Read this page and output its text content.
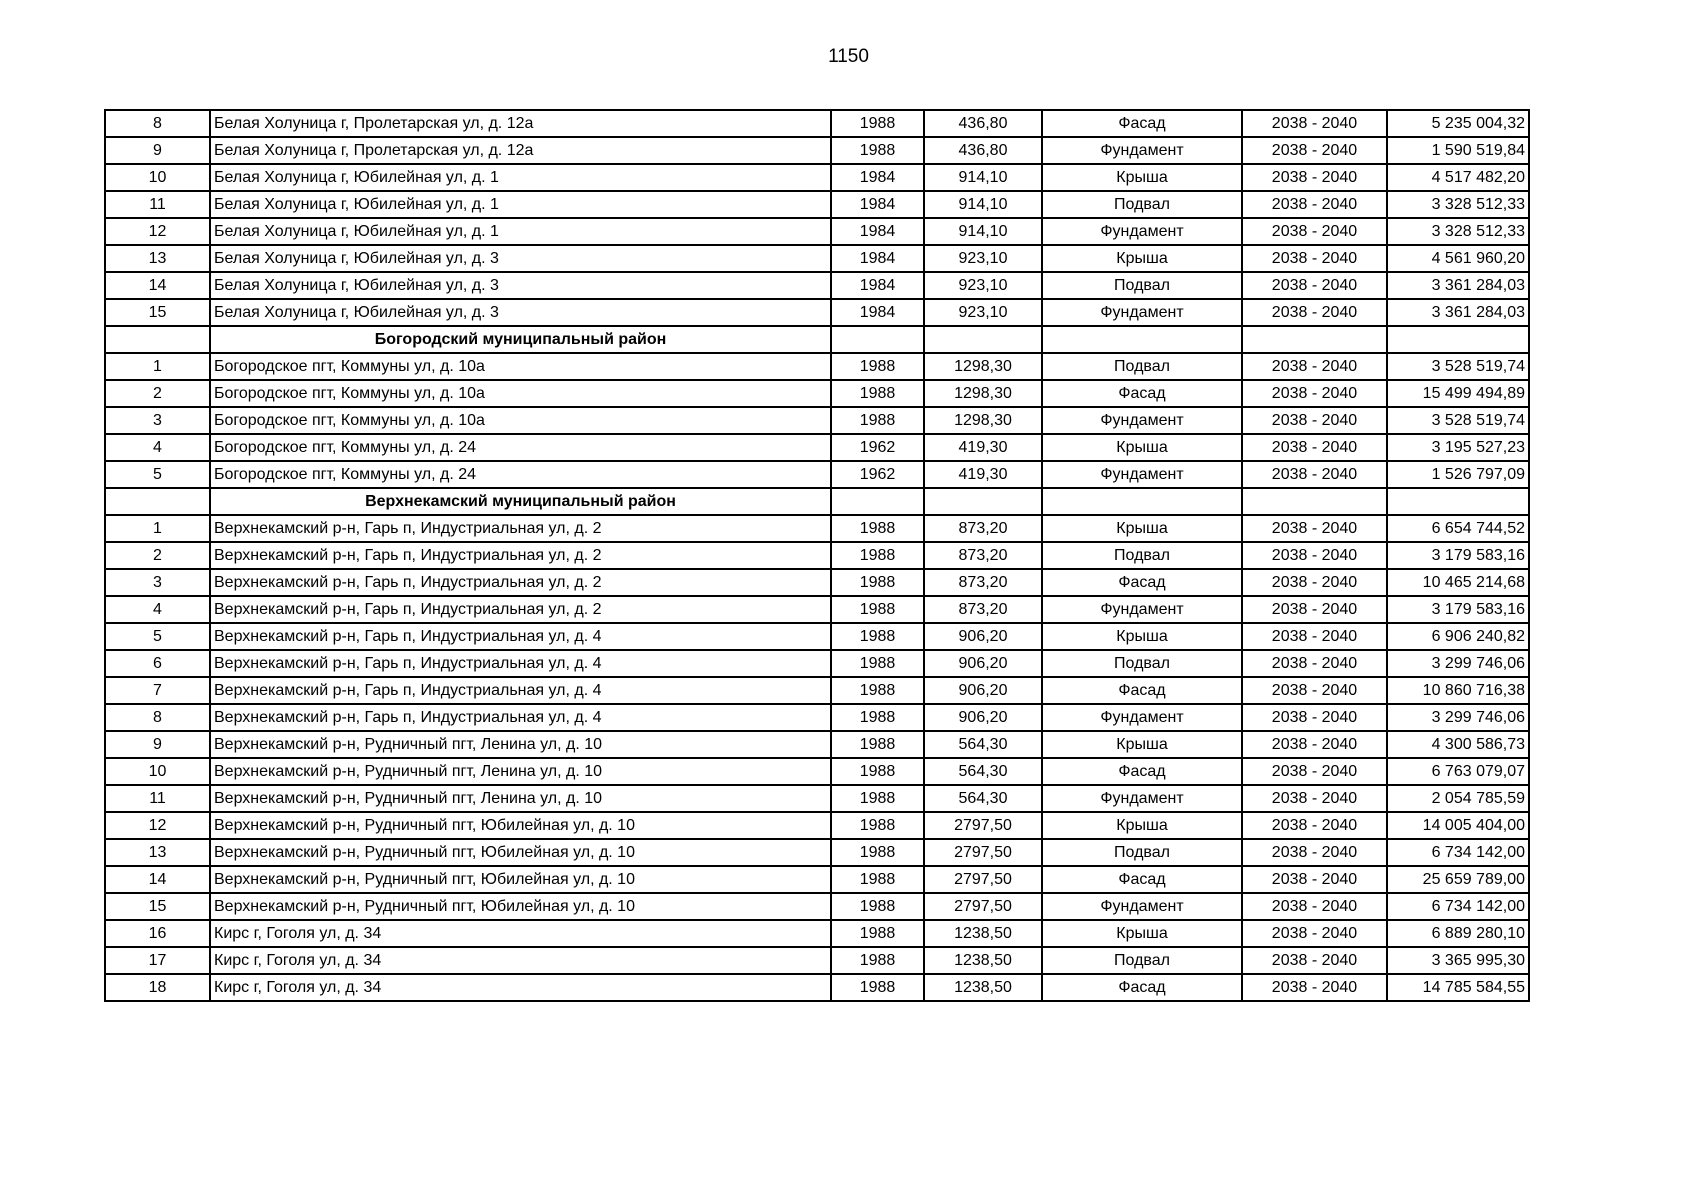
1150
8	Белая Холуница г, Пролетарская ул, д. 12а	1988	436,80	Фасад	2038 - 2040	5 235 004,32
9	Белая Холуница г, Пролетарская ул, д. 12а	1988	436,80	Фундамент	2038 - 2040	1 590 519,84
10	Белая Холуница г, Юбилейная ул, д. 1	1984	914,10	Крыша	2038 - 2040	4 517 482,20
11	Белая Холуница г, Юбилейная ул, д. 1	1984	914,10	Подвал	2038 - 2040	3 328 512,33
12	Белая Холуница г, Юбилейная ул, д. 1	1984	914,10	Фундамент	2038 - 2040	3 328 512,33
13	Белая Холуница г, Юбилейная ул, д. 3	1984	923,10	Крыша	2038 - 2040	4 561 960,20
14	Белая Холуница г, Юбилейная ул, д. 3	1984	923,10	Подвал	2038 - 2040	3 361 284,03
15	Белая Холуница г, Юбилейная ул, д. 3	1984	923,10	Фундамент	2038 - 2040	3 361 284,03
	Богородский муниципальный район					
1	Богородское пгт, Коммуны ул, д. 10а	1988	1298,30	Подвал	2038 - 2040	3 528 519,74
2	Богородское пгт, Коммуны ул, д. 10а	1988	1298,30	Фасад	2038 - 2040	15 499 494,89
3	Богородское пгт, Коммуны ул, д. 10а	1988	1298,30	Фундамент	2038 - 2040	3 528 519,74
4	Богородское пгт, Коммуны ул, д. 24	1962	419,30	Крыша	2038 - 2040	3 195 527,23
5	Богородское пгт, Коммуны ул, д. 24	1962	419,30	Фундамент	2038 - 2040	1 526 797,09
	Верхнекамский муниципальный район					
1	Верхнекамский р-н, Гарь п, Индустриальная ул, д. 2	1988	873,20	Крыша	2038 - 2040	6 654 744,52
2	Верхнекамский р-н, Гарь п, Индустриальная ул, д. 2	1988	873,20	Подвал	2038 - 2040	3 179 583,16
3	Верхнекамский р-н, Гарь п, Индустриальная ул, д. 2	1988	873,20	Фасад	2038 - 2040	10 465 214,68
4	Верхнекамский р-н, Гарь п, Индустриальная ул, д. 2	1988	873,20	Фундамент	2038 - 2040	3 179 583,16
5	Верхнекамский р-н, Гарь п, Индустриальная ул, д. 4	1988	906,20	Крыша	2038 - 2040	6 906 240,82
6	Верхнекамский р-н, Гарь п, Индустриальная ул, д. 4	1988	906,20	Подвал	2038 - 2040	3 299 746,06
7	Верхнекамский р-н, Гарь п, Индустриальная ул, д. 4	1988	906,20	Фасад	2038 - 2040	10 860 716,38
8	Верхнекамский р-н, Гарь п, Индустриальная ул, д. 4	1988	906,20	Фундамент	2038 - 2040	3 299 746,06
9	Верхнекамский р-н, Рудничный пгт, Ленина ул, д. 10	1988	564,30	Крыша	2038 - 2040	4 300 586,73
10	Верхнекамский р-н, Рудничный пгт, Ленина ул, д. 10	1988	564,30	Фасад	2038 - 2040	6 763 079,07
11	Верхнекамский р-н, Рудничный пгт, Ленина ул, д. 10	1988	564,30	Фундамент	2038 - 2040	2 054 785,59
12	Верхнекамский р-н, Рудничный пгт, Юбилейная ул, д. 10	1988	2797,50	Крыша	2038 - 2040	14 005 404,00
13	Верхнекамский р-н, Рудничный пгт, Юбилейная ул, д. 10	1988	2797,50	Подвал	2038 - 2040	6 734 142,00
14	Верхнекамский р-н, Рудничный пгт, Юбилейная ул, д. 10	1988	2797,50	Фасад	2038 - 2040	25 659 789,00
15	Верхнекамский р-н, Рудничный пгт, Юбилейная ул, д. 10	1988	2797,50	Фундамент	2038 - 2040	6 734 142,00
16	Кирс г, Гоголя ул, д. 34	1988	1238,50	Крыша	2038 - 2040	6 889 280,10
17	Кирс г, Гоголя ул, д. 34	1988	1238,50	Подвал	2038 - 2040	3 365 995,30
18	Кирс г, Гоголя ул, д. 34	1988	1238,50	Фасад	2038 - 2040	14 785 584,55
